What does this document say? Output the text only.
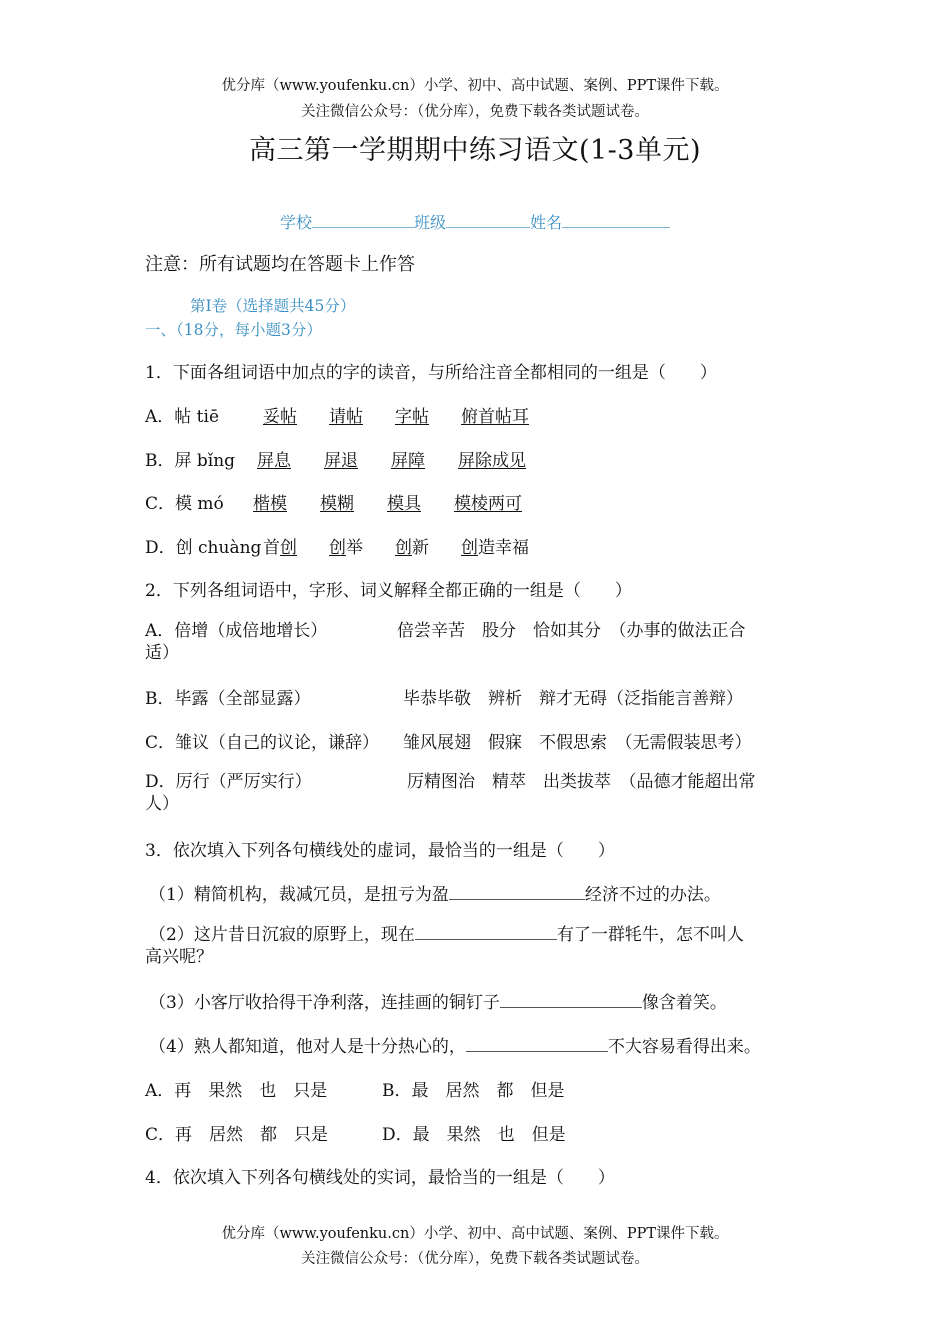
优分库（www.youfenku.cn）小学、初中、高中试题、案例、PPT课件下载。
关注微信公众号：（优分库），免费下载各类试题试卷。
高三第一学期期中练习语文(1-3单元)
学校	班级	姓名
注意：所有试题均在答题卡上作答
第Ⅰ卷（选择题共45分）
一、（18分，每小题3分）
1．下面各组词语中加点的字的读音，与所给注音全都相同的一组是（　　）
A．帖 tiē	妥帖 请帖 字帖 俯首帖耳
B．屏 bǐng 屏息 屏退 屏障 屏除成见
C．模 mó 楷模 模糊 模具 模棱两可
D．创 chuàng首创 创举 创新 创造幸福
2．下列各组词语中，字形、词义解释全都正确的一组是（　　）
A．倍增（成倍地增长）	倍尝辛苦　股分　恰如其分　（办事的做法正合
适）
B．毕露（全部显露）	毕恭毕敬　辨析　辩才无碍（泛指能言善辩）
C．雏议（自己的议论，谦辞） 雏风展翅　假寐　不假思索　（无需假装思考）
D．厉行（严厉实行）	厉精图治　精萃　出类拔萃　（品德才能超出常
人）
3．依次填入下列各句横线处的虚词，最恰当的一组是（　　）
（1）精简机构，裁减冗员，是扭亏为盈	经济不过的办法。
（2）这片昔日沉寂的原野上，现在	有了一群牦牛，怎不叫人
高兴呢？
（3）小客厅收拾得干净利落，连挂画的铜钉子	像含着笑。
（4）熟人都知道，他对人是十分热心的，	不大容易看得出来。
A．再　果然　也　只是	B．最　居然　都　但是
C．再　居然　都　只是	D．最　果然　也　但是
4．依次填入下列各句横线处的实词，最恰当的一组是（　　）
优分库（www.youfenku.cn）小学、初中、高中试题、案例、PPT课件下载。
关注微信公众号：（优分库），免费下载各类试题试卷。
